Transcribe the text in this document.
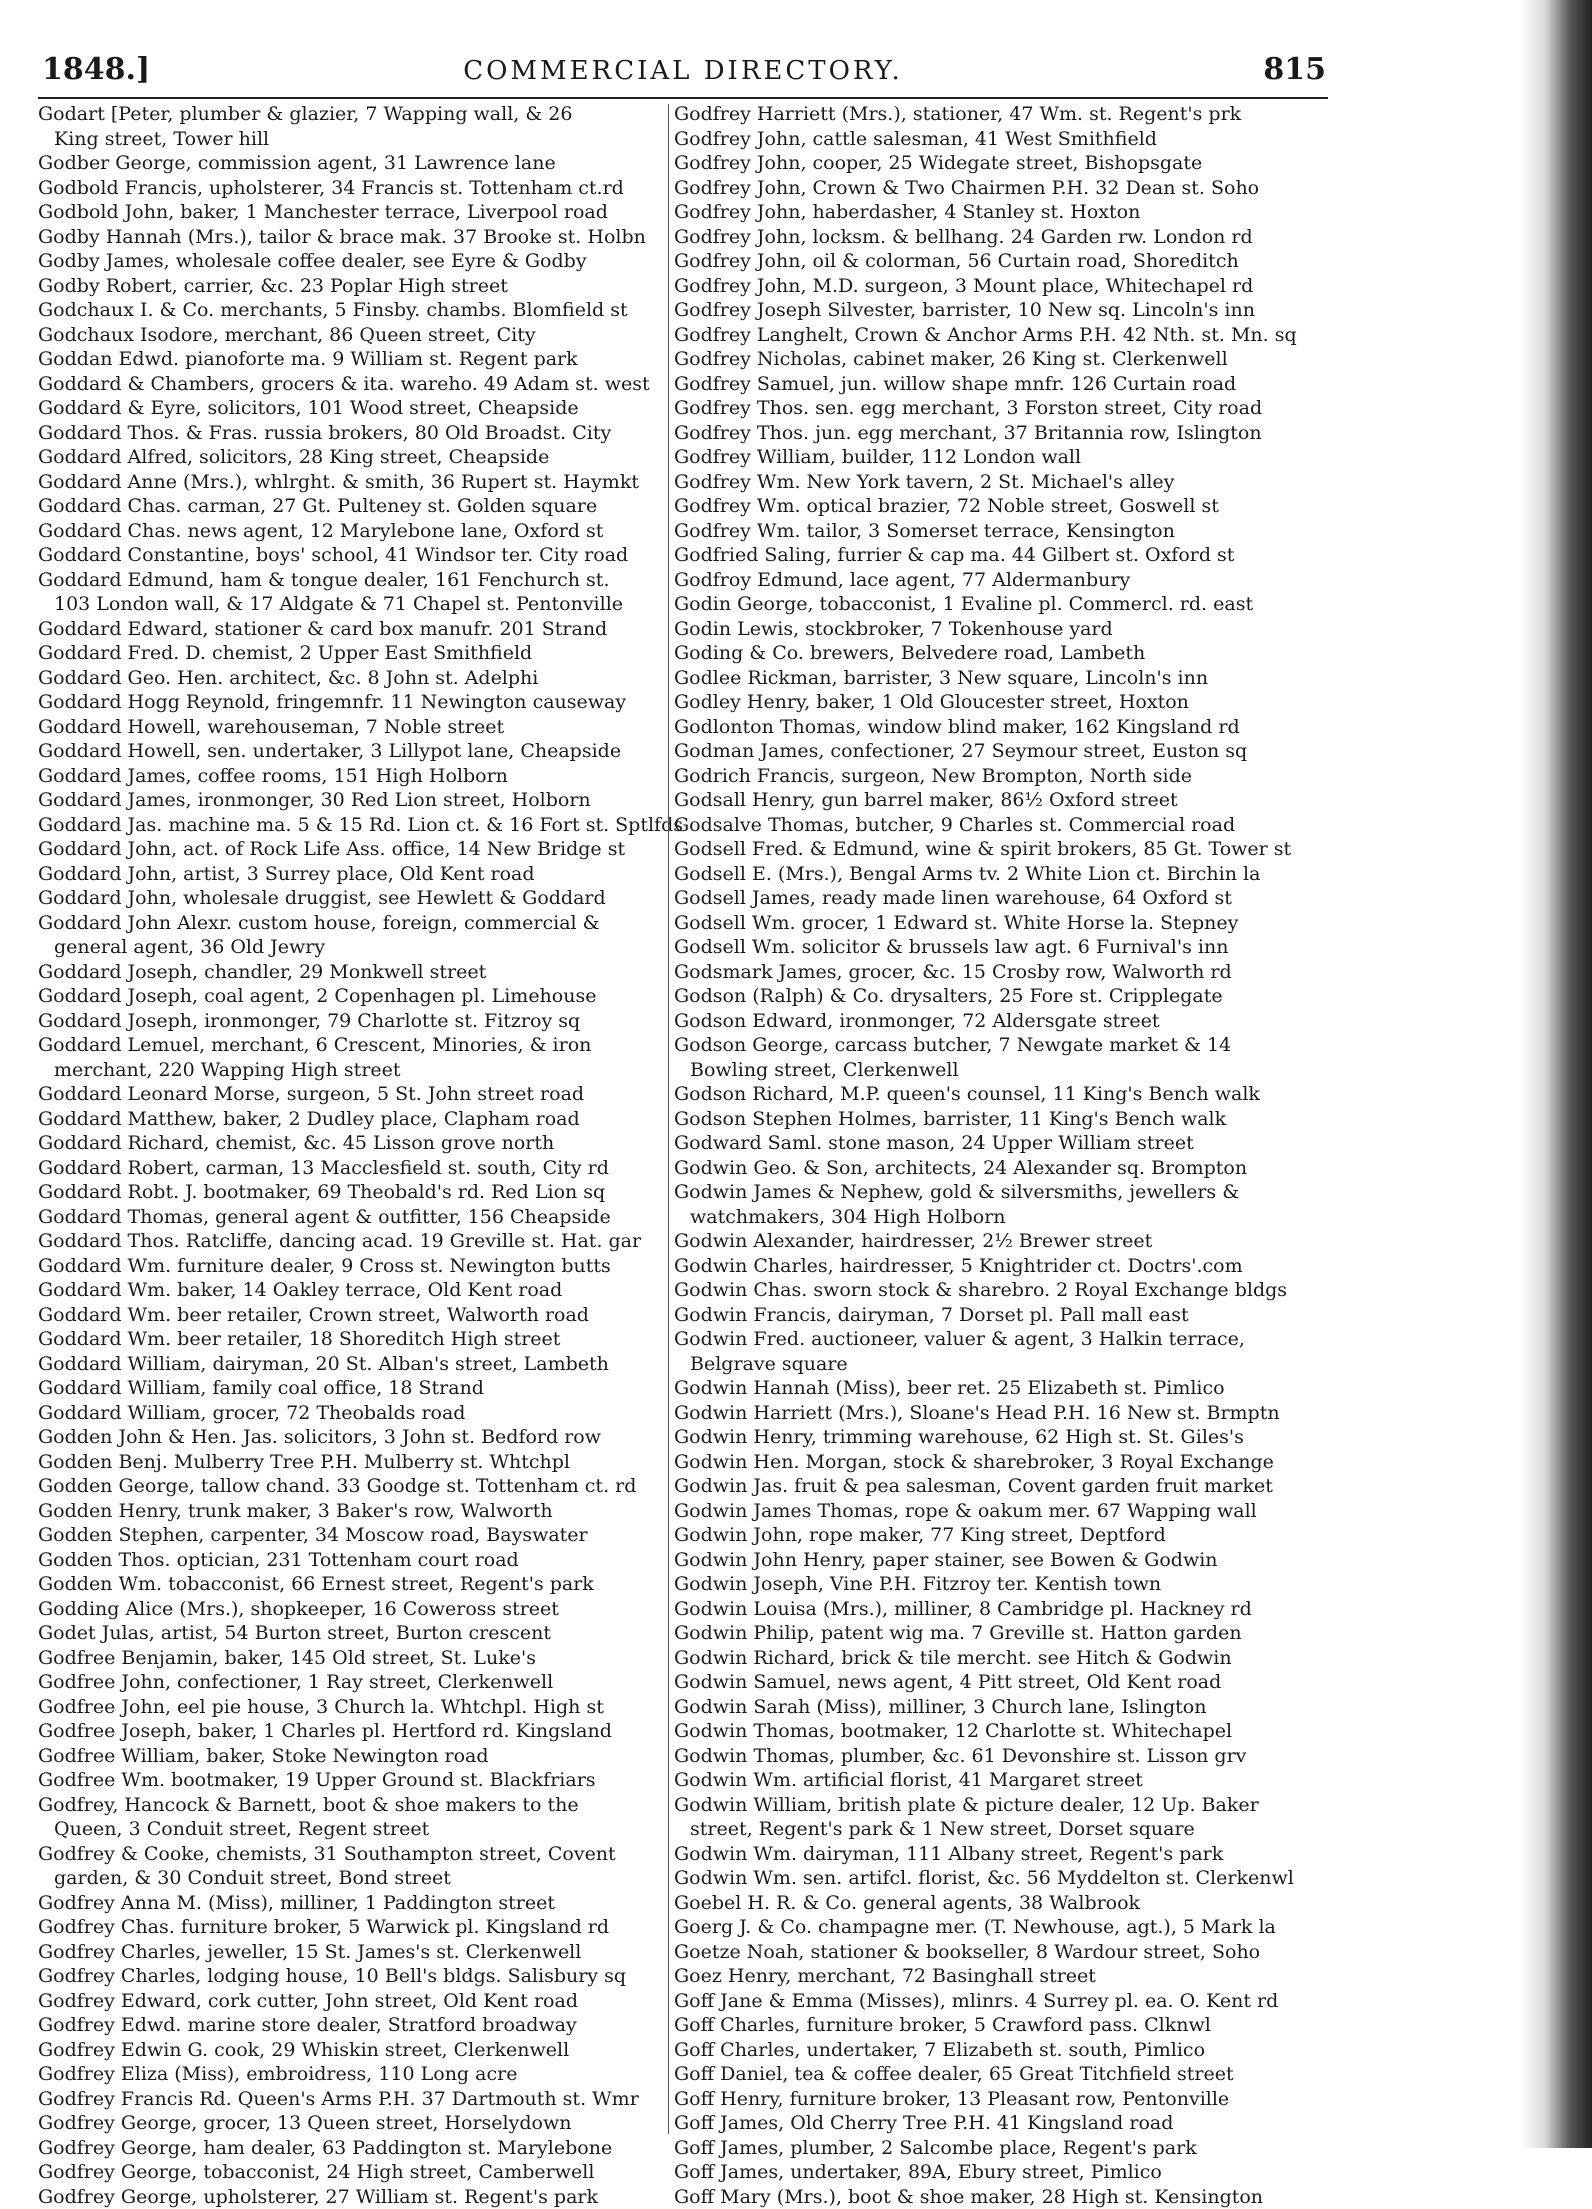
1848.]	COMMERCIAL DIRECTORY.	815
Godart [Peter, plumber & glazier, 7 Wapping wall, & 26
King street, Tower hill
Godber George, commission agent, 31 Lawrence lane
Godbold Francis, upholsterer, 34 Francis st. Tottenham ct.rd
Godbold John, baker, 1 Manchester terrace, Liverpool road
Godby Hannah (Mrs.), tailor & brace mak. 37 Brooke st. Holbn
Godby James, wholesale coffee dealer, see Eyre & Godby
Godby Robert, carrier, &c. 23 Poplar High street
Godchaux I. & Co. merchants, 5 Finsby. chambs. Blomfield st
Godchaux Isodore, merchant, 86 Queen street, City
Goddan Edwd. pianoforte ma. 9 William st. Regent park
Goddard & Chambers, grocers & ita. wareho. 49 Adam st. west
Goddard & Eyre, solicitors, 101 Wood street, Cheapside
Goddard Thos. & Fras. russia brokers, 80 Old Broadst. City
Goddard Alfred, solicitors, 28 King street, Cheapside
Goddard Anne (Mrs.), whlrght. & smith, 36 Rupert st. Haymkt
Goddard Chas. carman, 27 Gt. Pulteney st. Golden square
Goddard Chas. news agent, 12 Marylebone lane, Oxford st
Goddard Constantine, boys' school, 41 Windsor ter. City road
Goddard Edmund, ham & tongue dealer, 161 Fenchurch st.
103 London wall, & 17 Aldgate & 71 Chapel st. Pentonville
Goddard Edward, stationer & card box manufr. 201 Strand
Goddard Fred. D. chemist, 2 Upper East Smithfield
Goddard Geo. Hen. architect, &c. 8 John st. Adelphi
Goddard Hogg Reynold, fringemnfr. 11 Newington causeway
Goddard Howell, warehouseman, 7 Noble street
Goddard Howell, sen. undertaker, 3 Lillypot lane, Cheapside
Goddard James, coffee rooms, 151 High Holborn
Goddard James, ironmonger, 30 Red Lion street, Holborn
Goddard Jas. machine ma. 5 & 15 Rd. Lion ct. & 16 Fort st. Sptlfds
Goddard John, act. of Rock Life Ass. office, 14 New Bridge st
Goddard John, artist, 3 Surrey place, Old Kent road
Goddard John, wholesale druggist, see Hewlett & Goddard
Goddard John Alexr. custom house, foreign, commercial &
general agent, 36 Old Jewry
Goddard Joseph, chandler, 29 Monkwell street
Goddard Joseph, coal agent, 2 Copenhagen pl. Limehouse
Goddard Joseph, ironmonger, 79 Charlotte st. Fitzroy sq
Goddard Lemuel, merchant, 6 Crescent, Minories, & iron
merchant, 220 Wapping High street
Goddard Leonard Morse, surgeon, 5 St. John street road
Goddard Matthew, baker, 2 Dudley place, Clapham road
Goddard Richard, chemist, &c. 45 Lisson grove north
Goddard Robert, carman, 13 Macclesfield st. south, City rd
Goddard Robt. J. bootmaker, 69 Theobald's rd. Red Lion sq
Goddard Thomas, general agent & outfitter, 156 Cheapside
Goddard Thos. Ratcliffe, dancing acad. 19 Greville st. Hat. gar
Goddard Wm. furniture dealer, 9 Cross st. Newington butts
Goddard Wm. baker, 14 Oakley terrace, Old Kent road
Goddard Wm. beer retailer, Crown street, Walworth road
Goddard Wm. beer retailer, 18 Shoreditch High street
Goddard William, dairyman, 20 St. Alban's street, Lambeth
Goddard William, family coal office, 18 Strand
Goddard William, grocer, 72 Theobalds road
Godden John & Hen. Jas. solicitors, 3 John st. Bedford row
Godden Benj. Mulberry Tree P.H. Mulberry st. Whtchpl
Godden George, tallow chand. 33 Goodge st. Tottenham ct. rd
Godden Henry, trunk maker, 3 Baker's row, Walworth
Godden Stephen, carpenter, 34 Moscow road, Bayswater
Godden Thos. optician, 231 Tottenham court road
Godden Wm. tobacconist, 66 Ernest street, Regent's park
Godding Alice (Mrs.), shopkeeper, 16 Coweross street
Godet Julas, artist, 54 Burton street, Burton crescent
Godfree Benjamin, baker, 145 Old street, St. Luke's
Godfree John, confectioner, 1 Ray street, Clerkenwell
Godfree John, eel pie house, 3 Church la. Whtchpl. High st
Godfree Joseph, baker, 1 Charles pl. Hertford rd. Kingsland
Godfree William, baker, Stoke Newington road
Godfree Wm. bootmaker, 19 Upper Ground st. Blackfriars
Godfrey, Hancock & Barnett, boot & shoe makers to the
Queen, 3 Conduit street, Regent street
Godfrey & Cooke, chemists, 31 Southampton street, Covent
garden, & 30 Conduit street, Bond street
Godfrey Anna M. (Miss), milliner, 1 Paddington street
Godfrey Chas. furniture broker, 5 Warwick pl. Kingsland rd
Godfrey Charles, jeweller, 15 St. James's st. Clerkenwell
Godfrey Charles, lodging house, 10 Bell's bldgs. Salisbury sq
Godfrey Edward, cork cutter, John street, Old Kent road
Godfrey Edwd. marine store dealer, Stratford broadway
Godfrey Edwin G. cook, 29 Whiskin street, Clerkenwell
Godfrey Eliza (Miss), embroidress, 110 Long acre
Godfrey Francis Rd. Queen's Arms P.H. 37 Dartmouth st. Wmr
Godfrey George, grocer, 13 Queen street, Horselydown
Godfrey George, ham dealer, 63 Paddington st. Marylebone
Godfrey George, tobacconist, 24 High street, Camberwell
Godfrey George, upholsterer, 27 William st. Regent's park
Godfrey Harriett (Mrs.), stationer, 47 Wm. st. Regent's prk
Godfrey John, cattle salesman, 41 West Smithfield
Godfrey John, cooper, 25 Widegate street, Bishopsgate
Godfrey John, Crown & Two Chairmen P.H. 32 Dean st. Soho
Godfrey John, haberdasher, 4 Stanley st. Hoxton
Godfrey John, locksm. & bellhang. 24 Garden rw. London rd
Godfrey John, oil & colorman, 56 Curtain road, Shoreditch
Godfrey John, M.D. surgeon, 3 Mount place, Whitechapel rd
Godfrey Joseph Silvester, barrister, 10 New sq. Lincoln's inn
Godfrey Langhelt, Crown & Anchor Arms P.H. 42 Nth. st. Mn. sq
Godfrey Nicholas, cabinet maker, 26 King st. Clerkenwell
Godfrey Samuel, jun. willow shape mnfr. 126 Curtain road
Godfrey Thos. sen. egg merchant, 3 Forston street, City road
Godfrey Thos. jun. egg merchant, 37 Britannia row, Islington
Godfrey William, builder, 112 London wall
Godfrey Wm. New York tavern, 2 St. Michael's alley
Godfrey Wm. optical brazier, 72 Noble street, Goswell st
Godfrey Wm. tailor, 3 Somerset terrace, Kensington
Godfried Saling, furrier & cap ma. 44 Gilbert st. Oxford st
Godfroy Edmund, lace agent, 77 Aldermanbury
Godin George, tobacconist, 1 Evaline pl. Commercl. rd. east
Godin Lewis, stockbroker, 7 Tokenhouse yard
Goding & Co. brewers, Belvedere road, Lambeth
Godlee Rickman, barrister, 3 New square, Lincoln's inn
Godley Henry, baker, 1 Old Gloucester street, Hoxton
Godlonton Thomas, window blind maker, 162 Kingsland rd
Godman James, confectioner, 27 Seymour street, Euston sq
Godrich Francis, surgeon, New Brompton, North side
Godsall Henry, gun barrel maker, 86½ Oxford street
Godsalve Thomas, butcher, 9 Charles st. Commercial road
Godsell Fred. & Edmund, wine & spirit brokers, 85 Gt. Tower st
Godsell E. (Mrs.), Bengal Arms tv. 2 White Lion ct. Birchin la
Godsell James, ready made linen warehouse, 64 Oxford st
Godsell Wm. grocer, 1 Edward st. White Horse la. Stepney
Godsell Wm. solicitor & brussels law agt. 6 Furnival's inn
Godsmark James, grocer, &c. 15 Crosby row, Walworth rd
Godson (Ralph) & Co. drysalters, 25 Fore st. Cripplegate
Godson Edward, ironmonger, 72 Aldersgate street
Godson George, carcass butcher, 7 Newgate market & 14
Bowling street, Clerkenwell
Godson Richard, M.P. queen's counsel, 11 King's Bench walk
Godson Stephen Holmes, barrister, 11 King's Bench walk
Godward Saml. stone mason, 24 Upper William street
Godwin Geo. & Son, architects, 24 Alexander sq. Brompton
Godwin James & Nephew, gold & silversmiths, jewellers &
watchmakers, 304 High Holborn
Godwin Alexander, hairdresser, 2½ Brewer street
Godwin Charles, hairdresser, 5 Knightrider ct. Doctrs'.com
Godwin Chas. sworn stock & sharebro. 2 Royal Exchange bldgs
Godwin Francis, dairyman, 7 Dorset pl. Pall mall east
Godwin Fred. auctioneer, valuer & agent, 3 Halkin terrace,
Belgrave square
Godwin Hannah (Miss), beer ret. 25 Elizabeth st. Pimlico
Godwin Harriett (Mrs.), Sloane's Head P.H. 16 New st. Brmptn
Godwin Henry, trimming warehouse, 62 High st. St. Giles's
Godwin Hen. Morgan, stock & sharebroker, 3 Royal Exchange
Godwin Jas. fruit & pea salesman, Covent garden fruit market
Godwin James Thomas, rope & oakum mer. 67 Wapping wall
Godwin John, rope maker, 77 King street, Deptford
Godwin John Henry, paper stainer, see Bowen & Godwin
Godwin Joseph, Vine P.H. Fitzroy ter. Kentish town
Godwin Louisa (Mrs.), milliner, 8 Cambridge pl. Hackney rd
Godwin Philip, patent wig ma. 7 Greville st. Hatton garden
Godwin Richard, brick & tile mercht. see Hitch & Godwin
Godwin Samuel, news agent, 4 Pitt street, Old Kent road
Godwin Sarah (Miss), milliner, 3 Church lane, Islington
Godwin Thomas, bootmaker, 12 Charlotte st. Whitechapel
Godwin Thomas, plumber, &c. 61 Devonshire st. Lisson grv
Godwin Wm. artificial florist, 41 Margaret street
Godwin William, british plate & picture dealer, 12 Up. Baker
street, Regent's park & 1 New street, Dorset square
Godwin Wm. dairyman, 111 Albany street, Regent's park
Godwin Wm. sen. artifcl. florist, &c. 56 Myddelton st. Clerkenwl
Goebel H. R. & Co. general agents, 38 Walbrook
Goerg J. & Co. champagne mer. (T. Newhouse, agt.), 5 Mark la
Goetze Noah, stationer & bookseller, 8 Wardour street, Soho
Goez Henry, merchant, 72 Basinghall street
Goff Jane & Emma (Misses), mlinrs. 4 Surrey pl. ea. O. Kent rd
Goff Charles, furniture broker, 5 Crawford pass. Clknwl
Goff Charles, undertaker, 7 Elizabeth st. south, Pimlico
Goff Daniel, tea & coffee dealer, 65 Great Titchfield street
Goff Henry, furniture broker, 13 Pleasant row, Pentonville
Goff James, Old Cherry Tree P.H. 41 Kingsland road
Goff James, plumber, 2 Salcombe place, Regent's park
Goff James, undertaker, 89A, Ebury street, Pimlico
Goff Mary (Mrs.), boot & shoe maker, 28 High st. Kensington
